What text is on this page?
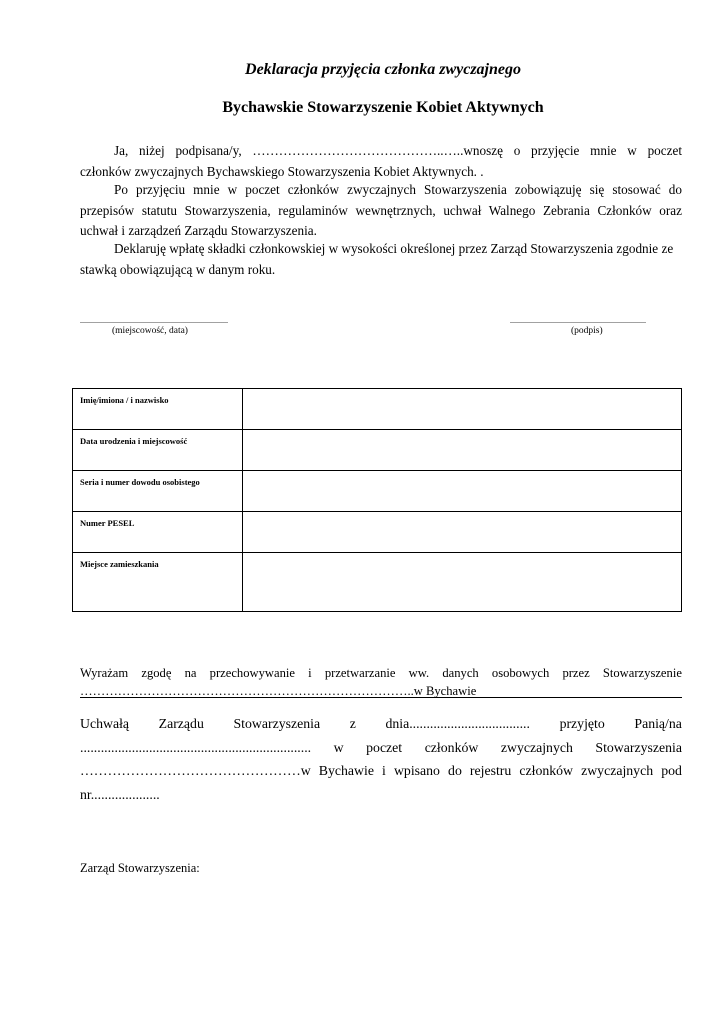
Deklaracja przyjęcia członka zwyczajnego
Bychawskie Stowarzyszenie Kobiet Aktywnych
Ja, niżej podpisana/y, ……………………………………..…..wnoszę o przyjęcie mnie w poczet
członków zwyczajnych Bychawskiego Stowarzyszenia Kobiet Aktywnych. .
Po przyjęciu mnie w poczet członków zwyczajnych Stowarzyszenia zobowiązuję się stosować do przepisów statutu Stowarzyszenia, regulaminów wewnętrznych, uchwał Walnego Zebrania Członków oraz uchwał i zarządzeń Zarządu Stowarzyszenia.
Deklaruję wpłatę składki członkowskiej w wysokości określonej przez Zarząd Stowarzyszenia zgodnie ze stawką obowiązującą w danym roku.
..........................................................................
(miejscowość, data)
....................................................................
(podpis)
Imię/imiona / i nazwisko	
Data urodzenia i miejscowość	
Seria i numer dowodu osobistego	
Numer PESEL	
Miejsce zamieszkania	
Wyrażam zgodę na przechowywanie i przetwarzanie ww. danych osobowych przez Stowarzyszenie
……………………………………………………………………..w Bychawie
Uchwałą Zarządu Stowarzyszenia z dnia................................... przyjęto Panią/na
................................................................... w poczet członków zwyczajnych Stowarzyszenia
…………………………………………w Bychawie i wpisano do rejestru członków zwyczajnych pod
nr....................
Zarząd Stowarzyszenia:
